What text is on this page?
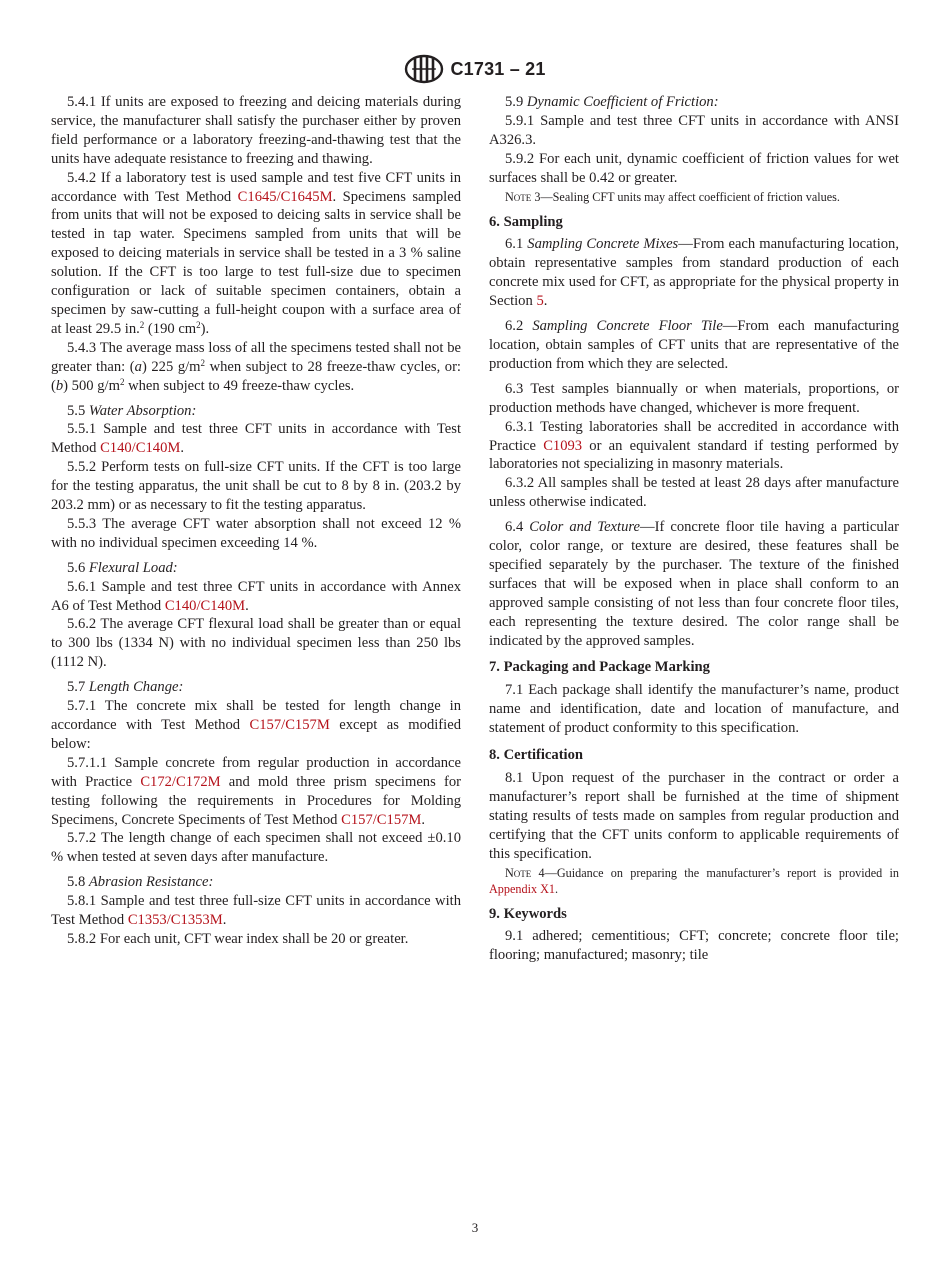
C1731 – 21

5.4.1 If units are exposed to freezing and deicing materials during service, the manufacturer shall satisfy the purchaser either by proven field performance or a laboratory freezing-and-thawing test that the units have adequate resistance to freezing and thawing.

5.4.2 If a laboratory test is used sample and test five CFT units in accordance with Test Method C1645/C1645M. Specimens sampled from units that will not be exposed to deicing salts in service shall be tested in tap water. Specimens sampled from units that will be exposed to deicing materials in service shall be tested in a 3 % saline solution. If the CFT is too large to test full-size due to specimen configuration or lack of suitable specimen containers, obtain a specimen by saw-cutting a full-height coupon with a surface area of at least 29.5 in.$^2$ (190 $cm^2$).

5.4.3 The average mass loss of all the specimens tested shall not be greater than: (a) 225 $g/m^2$ when subject to 28 freeze-thaw cycles, or: (b) 500 $g/m^2$ when subject to 49 freeze-thaw cycles.

5.5 Water Absorption:

5.5.1 Sample and test three CFT units in accordance with Test Method C140/C140M.

5.5.2 Perform tests on full-size CFT units. If the CFT is too large for the testing apparatus, the unit shall be cut to 8 by 8 in. (203.2 by 203.2 mm) or as necessary to fit the testing apparatus.

5.5.3 The average CFT water absorption shall not exceed 12 % with no individual specimen exceeding 14 %.

5.6 Flexural Load:

5.6.1 Sample and test three CFT units in accordance with Annex A6 of Test Method C140/C140M.

5.6.2 The average CFT flexural load shall be greater than or equal to 300 lbs (1334 N) with no individual specimen less than 250 lbs (1112 N).

5.7 Length Change:

5.7.1 The concrete mix shall be tested for length change in accordance with Test Method C157/C157M except as modified below:

5.7.1.1 Sample concrete from regular production in accordance with Practice C172/C172M and mold three prism specimens for testing following the requirements in Procedures for Molding Specimens, Concrete Speciments of Test Method C157/C157M.

5.7.2 The length change of each specimen shall not exceed ±0.10 % when tested at seven days after manufacture.

5.8 Abrasion Resistance:

5.8.1 Sample and test three full-size CFT units in accordance with Test Method C1353/C1353M.

5.8.2 For each unit, CFT wear index shall be 20 or greater.

5.9 Dynamic Coefficient of Friction:

5.9.1 Sample and test three CFT units in accordance with ANSI A326.3.

5.9.2 For each unit, dynamic coefficient of friction values for wet surfaces shall be 0.42 or greater.

Note 3—Sealing CFT units may affect coefficient of friction values.

6. Sampling

6.1 Sampling Concrete Mixes—From each manufacturing location, obtain representative samples from standard production of each concrete mix used for CFT, as appropriate for the physical property in Section 5.

6.2 Sampling Concrete Floor Tile—From each manufacturing location, obtain samples of CFT units that are representative of the production from which they are selected.

6.3 Test samples biannually or when materials, proportions, or production methods have changed, whichever is more frequent.

6.3.1 Testing laboratories shall be accredited in accordance with Practice C1093 or an equivalent standard if testing performed by laboratories not specializing in masonry materials.

6.3.2 All samples shall be tested at least 28 days after manufacture unless otherwise indicated.

6.4 Color and Texture—If concrete floor tile having a particular color, color range, or texture are desired, these features shall be specified separately by the purchaser. The texture of the finished surfaces that will be exposed when in place shall conform to an approved sample consisting of not less than four concrete floor tiles, each representing the texture desired. The color range shall be indicated by the approved samples.

7. Packaging and Package Marking

7.1 Each package shall identify the manufacturer’s name, product name and identification, date and location of manufacture, and statement of product conformity to this specification.

8. Certification

8.1 Upon request of the purchaser in the contract or order a manufacturer’s report shall be furnished at the time of shipment stating results of tests made on samples from regular production and certifying that the CFT units conform to applicable requirements of this specification.

Note 4—Guidance on preparing the manufacturer’s report is provided in Appendix X1.

9. Keywords

9.1 adhered; cementitious; CFT; concrete; concrete floor tile; flooring; manufactured; masonry; tile

3
